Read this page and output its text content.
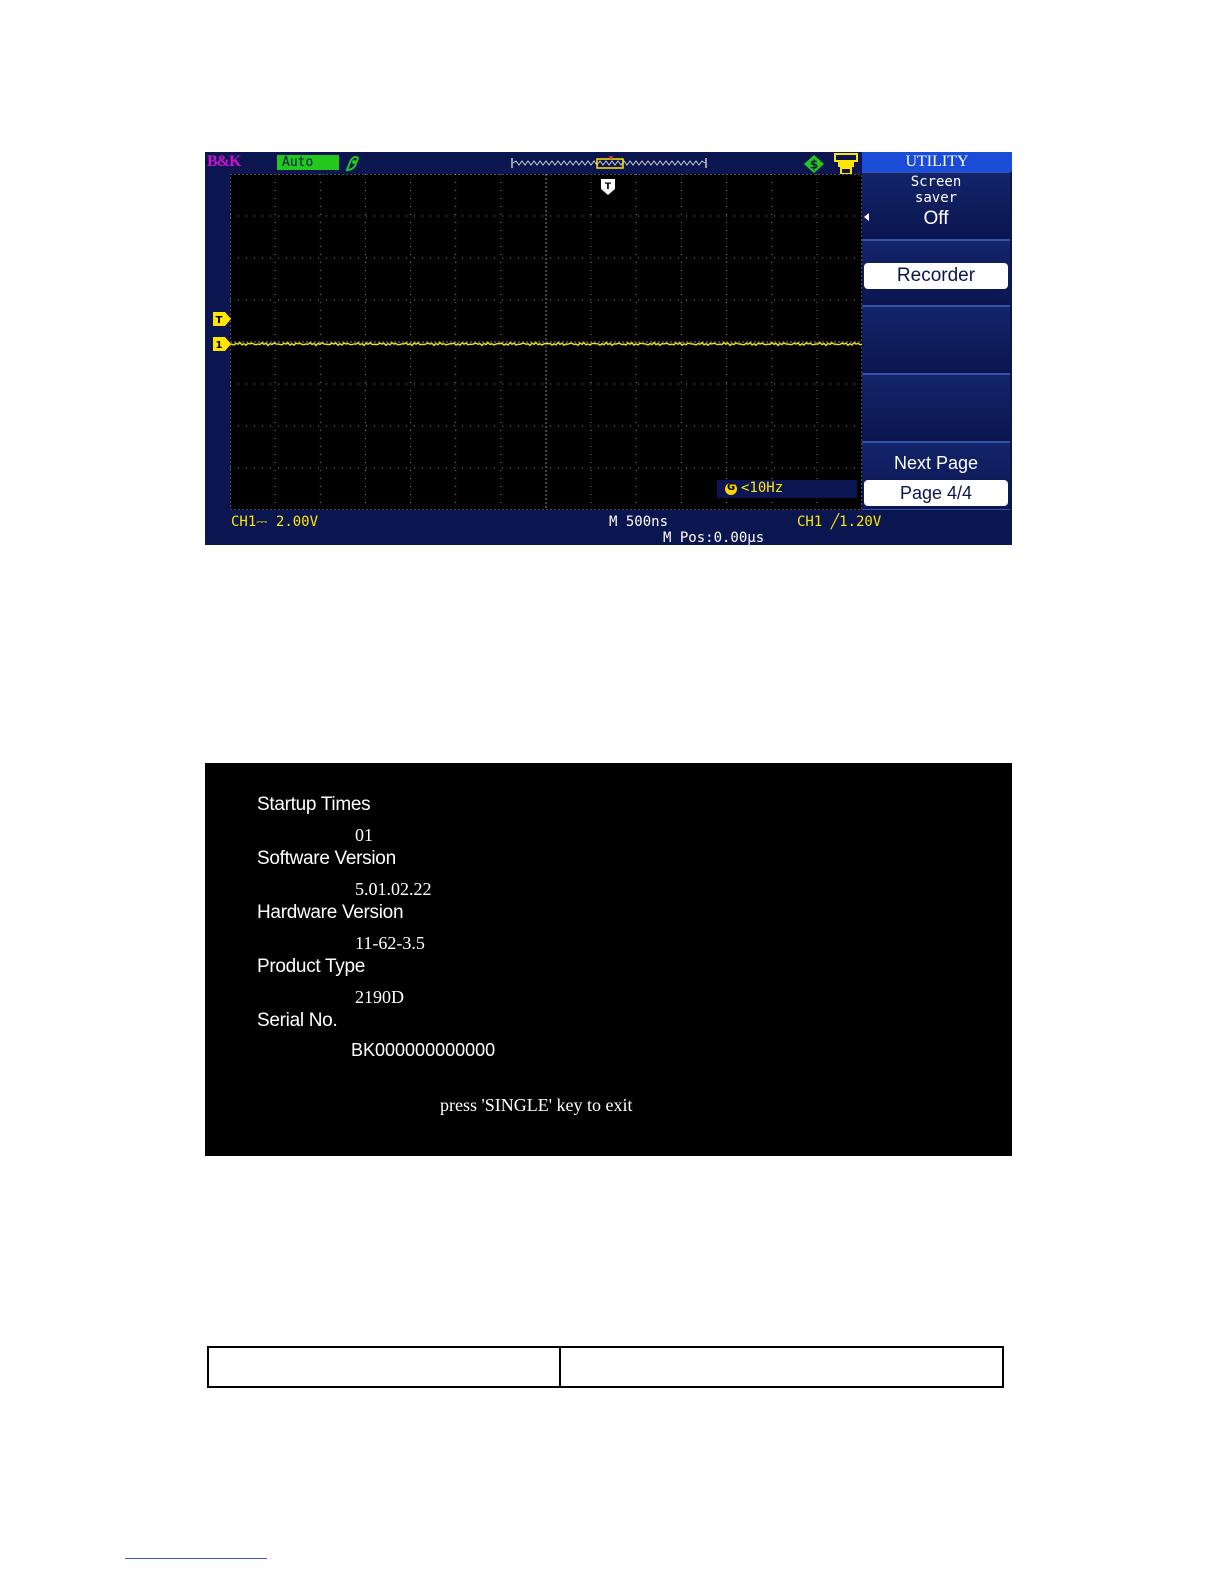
B&K	Auto	$
T
T
1
G
<10Hz
UTILITY
Screen
saver
Off
Recorder
Next Page
Page 4/4
CH1⎓ 2.00V	M 500ns	CH1 ╱1.20V
M Pos:0.00μs
Startup Times
01
Software Version
5.01.02.22
Hardware Version
11-62-3.5
Product Type
2190D
Serial No.
BK000000000000
press 'SINGLE' key to exit
